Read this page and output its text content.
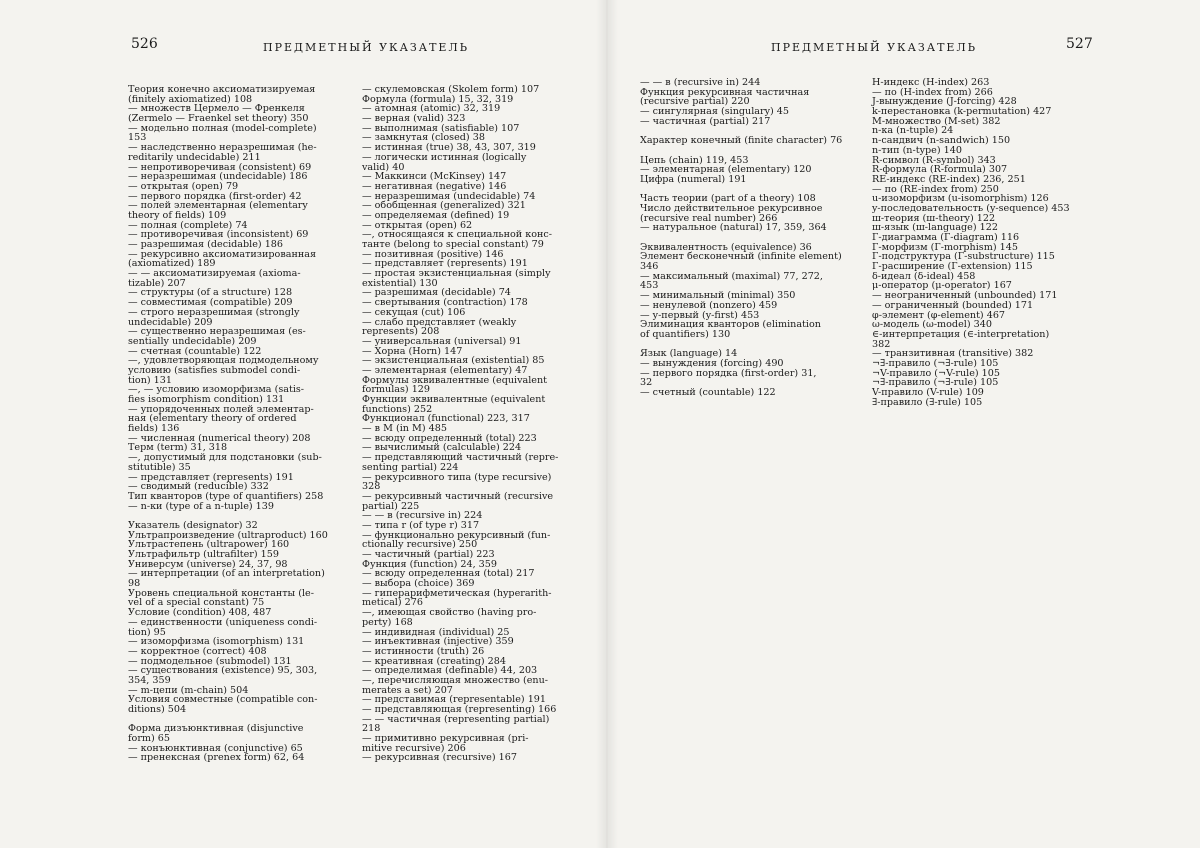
526	ПРЕДМЕТНЫЙ УКАЗАТЕЛЬ	ПРЕДМЕТНЫЙ УКАЗАТЕЛЬ	527
Теория конечно аксиоматизируемая
(finitely axiomatized) 108
— множеств Цермело — Френкеля
(Zermelo — Fraenkel set theory) 350
— модельно полная (model-complete)
153
— наследственно неразрешимая (he-
reditarily undecidable) 211
— непротиворечивая (consistent) 69
— неразрешимая (undecidable) 186
— открытая (open) 79
— первого порядка (first-order) 42
— полей элементарная (elementary
theory of fields) 109
— полная (complete) 74
— противоречивая (inconsistent) 69
— разрешимая (decidable) 186
— рекурсивно аксиоматизированная
(axiomatized) 189
— — аксиоматизируемая (axioma-
tizable) 207
— структуры (of a structure) 128
— совместимая (compatible) 209
— строго неразрешимая (strongly
undecidable) 209
— существенно неразрешимая (es-
sentially undecidable) 209
— счетная (countable) 122
—, удовлетворяющая подмодельному
условию (satisfies submodel condi-
tion) 131
—, — условию изоморфизма (satis-
fies isomorphism condition) 131
— упорядоченных полей элементар-
ная (elementary theory of ordered
fields) 136
— численная (numerical theory) 208
Терм (term) 31, 318
—, допустимый для подстановки (sub-
stitutible) 35
— представляет (represents) 191
— сводимый (reducible) 332
Тип кванторов (type of quantifiers) 258
— n-ки (type of a n-tuple) 139
Указатель (designator) 32
Ультрапроизведение (ultraproduct) 160
Ультрастепень (ultrapower) 160
Ультрафильтр (ultrafilter) 159
Универсум (universe) 24, 37, 98
— интерпретации (of an interpretation)
98
Уровень специальной константы (le-
vel of a special constant) 75
Условие (condition) 408, 487
— единственности (uniqueness condi-
tion) 95
— изоморфизма (isomorphism) 131
— корректное (correct) 408
— подмодельное (submodel) 131
— существования (existence) 95, 303,
354, 359
— m-цепи (m-chain) 504
Условия совместные (compatible con-
ditions) 504
Форма дизъюнктивная (disjunctive
form) 65
— конъюнктивная (conjunctive) 65
— пренексная (prenex form) 62, 64
— скулемовская (Skolem form) 107
Формула (formula) 15, 32, 319
— атомная (atomic) 32, 319
— верная (valid) 323
— выполнимая (satisfiable) 107
— замкнутая (closed) 38
— истинная (true) 38, 43, 307, 319
— логически истинная (logically
valid) 40
— Маккинси (McKinsey) 147
— негативная (negative) 146
— неразрешимая (undecidable) 74
— обобщенная (generalized) 321
— определяемая (defined) 19
— открытая (open) 62
—, относящаяся к специальной конс-
танте (belong to special constant) 79
— позитивная (positive) 146
— представляет (represents) 191
— простая экзистенциальная (simply
existential) 130
— разрешимая (decidable) 74
— свертывания (contraction) 178
— секущая (cut) 106
— слабо представляет (weakly
represents) 208
— универсальная (universal) 91
— Хорна (Horn) 147
— экзистенциальная (existential) 85
— элементарная (elementary) 47
Формулы эквивалентные (equivalent
formulas) 129
Функции эквивалентные (equivalent
functions) 252
Функционал (functional) 223, 317
— в M (in M) 485
— всюду определенный (total) 223
— вычислимый (calculable) 224
— представляющий частичный (repre-
senting partial) 224
— рекурсивного типа (type recursive)
328
— рекурсивный частичный (recursive
partial) 225
— — в (recursive in) 224
— типа r (of type r) 317
— функционально рекурсивный (fun-
ctionally recursive) 250
— частичный (partial) 223
Функция (function) 24, 359
— всюду определенная (total) 217
— выбора (choice) 369
— гиперарифметическая (hyperarith-
metical) 276
—, имеющая свойство (having pro-
perty) 168
— индивидная (individual) 25
— инъективная (injective) 359
— истинности (truth) 26
— креативная (creating) 284
— определимая (definable) 44, 203
—, перечисляющая множество (enu-
merates a set) 207
— представимая (representable) 191
— представляющая (representing) 166
— — частичная (representing partial)
218
— примитивно рекурсивная (pri-
mitive recursive) 206
— рекурсивная (recursive) 167
— — в (recursive in) 244
Функция рекурсивная частичная
(recursive partial) 220
— сингулярная (singulary) 45
— частичная (partial) 217
Характер конечный (finite character) 76
Цепь (chain) 119, 453
— элементарная (elementary) 120
Цифра (numeral) 191
Часть теории (part of a theory) 108
Число действительное рекурсивное
(recursive real number) 266
— натуральное (natural) 17, 359, 364
Эквивалентность (equivalence) 36
Элемент бесконечный (infinite element)
346
— максимальный (maximal) 77, 272,
453
— минимальный (minimal) 350
— ненулевой (nonzero) 459
— y-первый (y-first) 453
Элиминация кванторов (elimination
of quantifiers) 130
Язык (language) 14
— вынуждения (forcing) 490
— первого порядка (first-order) 31,
32
— счетный (countable) 122
H-индекс (H-index) 263
— по (H-index from) 266
J-вынуждение (J-forcing) 428
k-перестановка (k-permutation) 427
M-множество (M-set) 382
n-ка (n-tuple) 24
n-сандвич (n-sandwich) 150
n-тип (n-type) 140
R-символ (R-symbol) 343
R-формула (R-formula) 307
RE-индекс (RE-index) 236, 251
— по (RE-index from) 250
u-изоморфизм (u-isomorphism) 126
y-последовательность (y-sequence) 453
ш-теория (ш-theory) 122
ш-язык (ш-language) 122
Г-диаграмма (Г-diagram) 116
Г-морфизм (Г-morphism) 145
Г-подструктура (Г-substructure) 115
Г-расширение (Г-extension) 115
δ-идеал (δ-ideal) 458
μ-оператор (μ-operator) 167
— неограниченный (unbounded) 171
— ограниченный (bounded) 171
φ-элемент (φ-element) 467
ω-модель (ω-model) 340
∈-интерпретация (∈-interpretation)
382
— транзитивная (transitive) 382
¬∃-правило (¬∃-rule) 105
¬V-правило (¬V-rule) 105
¬∃-правило (¬∃-rule) 105
V-правило (V-rule) 109
∃-правило (∃-rule) 105
